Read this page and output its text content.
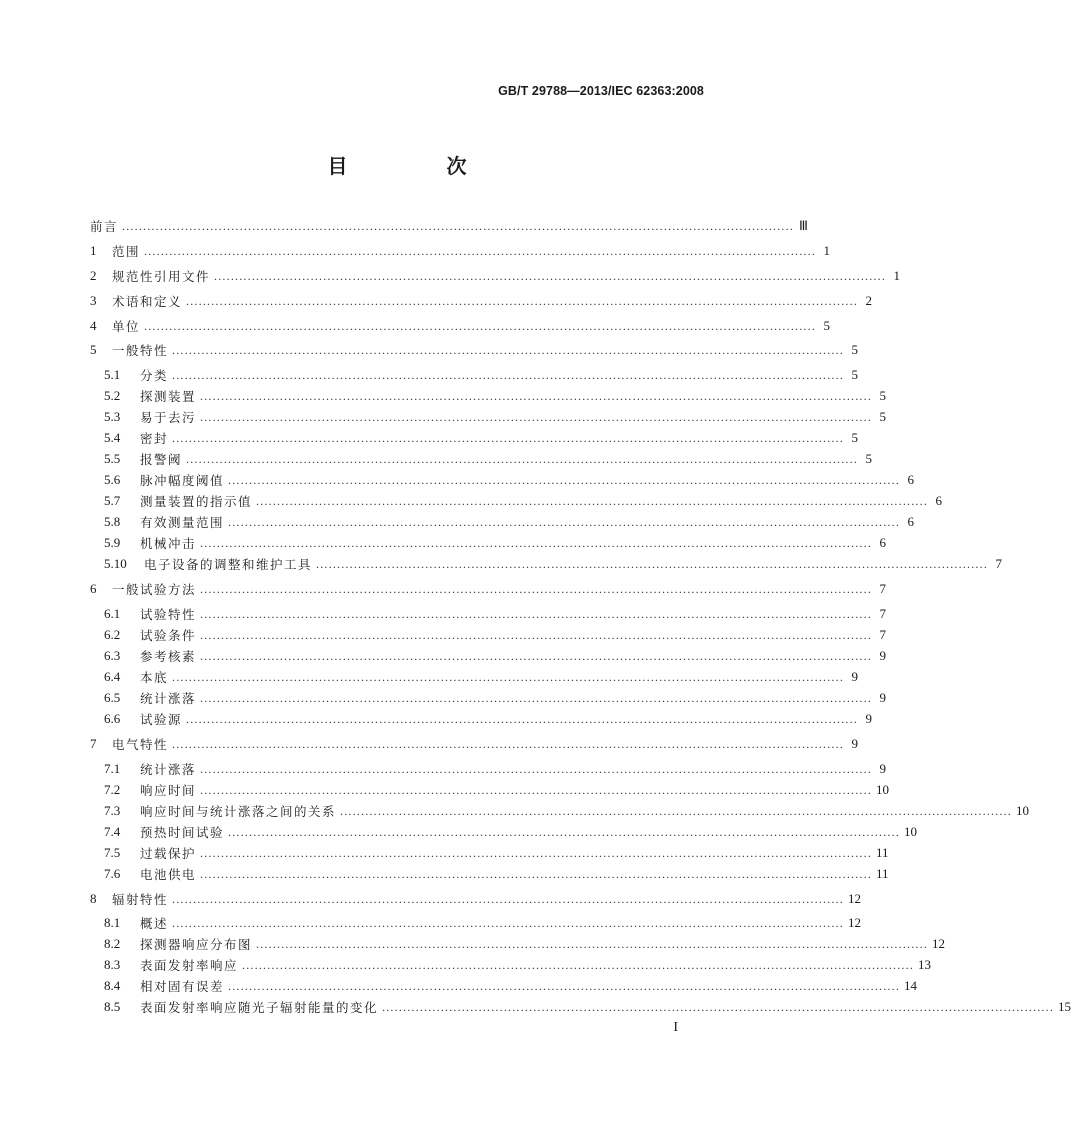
GB/T 29788—2013/IEC 62363:2008
目 次
前言 ................................................................................................................................................................ Ⅲ
1	范围 ................................................................................................................................................................ 1
2	规范性引用文件 ................................................................................................................................................................ 1
3	术语和定义 ................................................................................................................................................................ 2
4	单位 ................................................................................................................................................................ 5
5	一般特性 ................................................................................................................................................................ 5
5.1	分类 ................................................................................................................................................................ 5
5.2	探测装置 ................................................................................................................................................................ 5
5.3	易于去污 ................................................................................................................................................................ 5
5.4	密封 ................................................................................................................................................................ 5
5.5	报警阈 ................................................................................................................................................................ 5
5.6	脉冲幅度阈值 ................................................................................................................................................................ 6
5.7	测量装置的指示值 ................................................................................................................................................................ 6
5.8	有效测量范围 ................................................................................................................................................................ 6
5.9	机械冲击 ................................................................................................................................................................ 6
5.10	电子设备的调整和维护工具 ................................................................................................................................................................ 7
6	一般试验方法 ................................................................................................................................................................ 7
6.1	试验特性 ................................................................................................................................................................ 7
6.2	试验条件 ................................................................................................................................................................ 7
6.3	参考核素 ................................................................................................................................................................ 9
6.4	本底 ................................................................................................................................................................ 9
6.5	统计涨落 ................................................................................................................................................................ 9
6.6	试验源 ................................................................................................................................................................ 9
7	电气特性 ................................................................................................................................................................ 9
7.1	统计涨落 ................................................................................................................................................................ 9
7.2	响应时间 ................................................................................................................................................................ 10
7.3	响应时间与统计涨落之间的关系 ................................................................................................................................................................ 10
7.4	预热时间试验 ................................................................................................................................................................ 10
7.5	过载保护 ................................................................................................................................................................ 11
7.6	电池供电 ................................................................................................................................................................ 11
8	辐射特性 ................................................................................................................................................................ 12
8.1	概述 ................................................................................................................................................................ 12
8.2	探测器响应分布图 ................................................................................................................................................................ 12
8.3	表面发射率响应 ................................................................................................................................................................ 13
8.4	相对固有误差 ................................................................................................................................................................ 14
8.5	表面发射率响应随光子辐射能量的变化 ................................................................................................................................................................ 15
I
